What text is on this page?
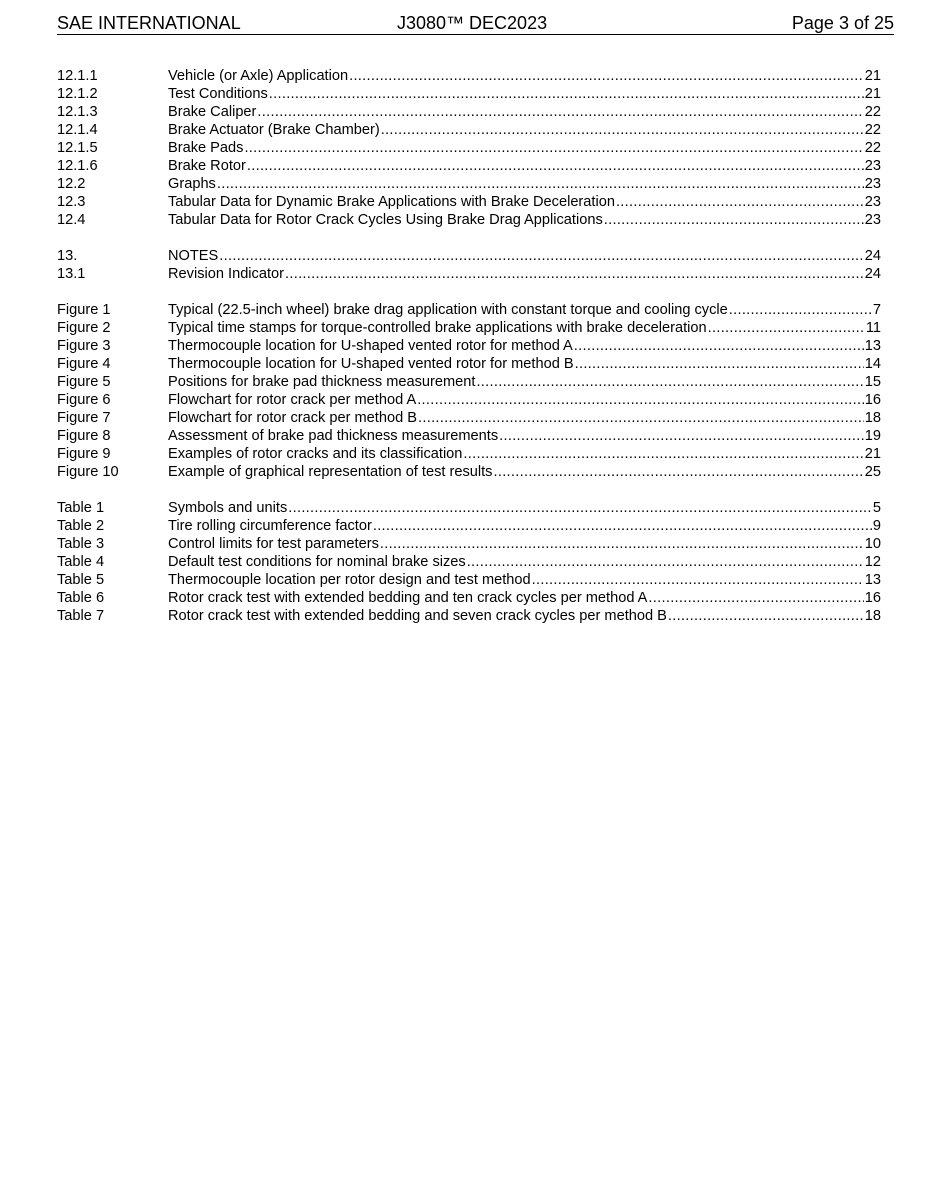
SAE INTERNATIONAL	J3080™ DEC2023	Page 3 of 25
12.1.1	Vehicle (or Axle) Application .....	21
12.1.2	Test Conditions .....	21
12.1.3	Brake Caliper .....	22
12.1.4	Brake Actuator (Brake Chamber) .....	22
12.1.5	Brake Pads .....	22
12.1.6	Brake Rotor .....	23
12.2	Graphs .....	23
12.3	Tabular Data for Dynamic Brake Applications with Brake Deceleration .....	23
12.4	Tabular Data for Rotor Crack Cycles Using Brake Drag Applications .....	23
13.	NOTES .....	24
13.1	Revision Indicator .....	24
Figure 1	Typical (22.5-inch wheel) brake drag application with constant torque and cooling cycle .....	7
Figure 2	Typical time stamps for torque-controlled brake applications with brake deceleration .....	11
Figure 3	Thermocouple location for U-shaped vented rotor for method A .....	13
Figure 4	Thermocouple location for U-shaped vented rotor for method B .....	14
Figure 5	Positions for brake pad thickness measurement .....	15
Figure 6	Flowchart for rotor crack per method A .....	16
Figure 7	Flowchart for rotor crack per method B .....	18
Figure 8	Assessment of brake pad thickness measurements .....	19
Figure 9	Examples of rotor cracks and its classification .....	21
Figure 10	Example of graphical representation of test results .....	25
Table 1	Symbols and units .....	5
Table 2	Tire rolling circumference factor .....	9
Table 3	Control limits for test parameters .....	10
Table 4	Default test conditions for nominal brake sizes .....	12
Table 5	Thermocouple location per rotor design and test method .....	13
Table 6	Rotor crack test with extended bedding and ten crack cycles per method A .....	16
Table 7	Rotor crack test with extended bedding and seven crack cycles per method B .....	18
